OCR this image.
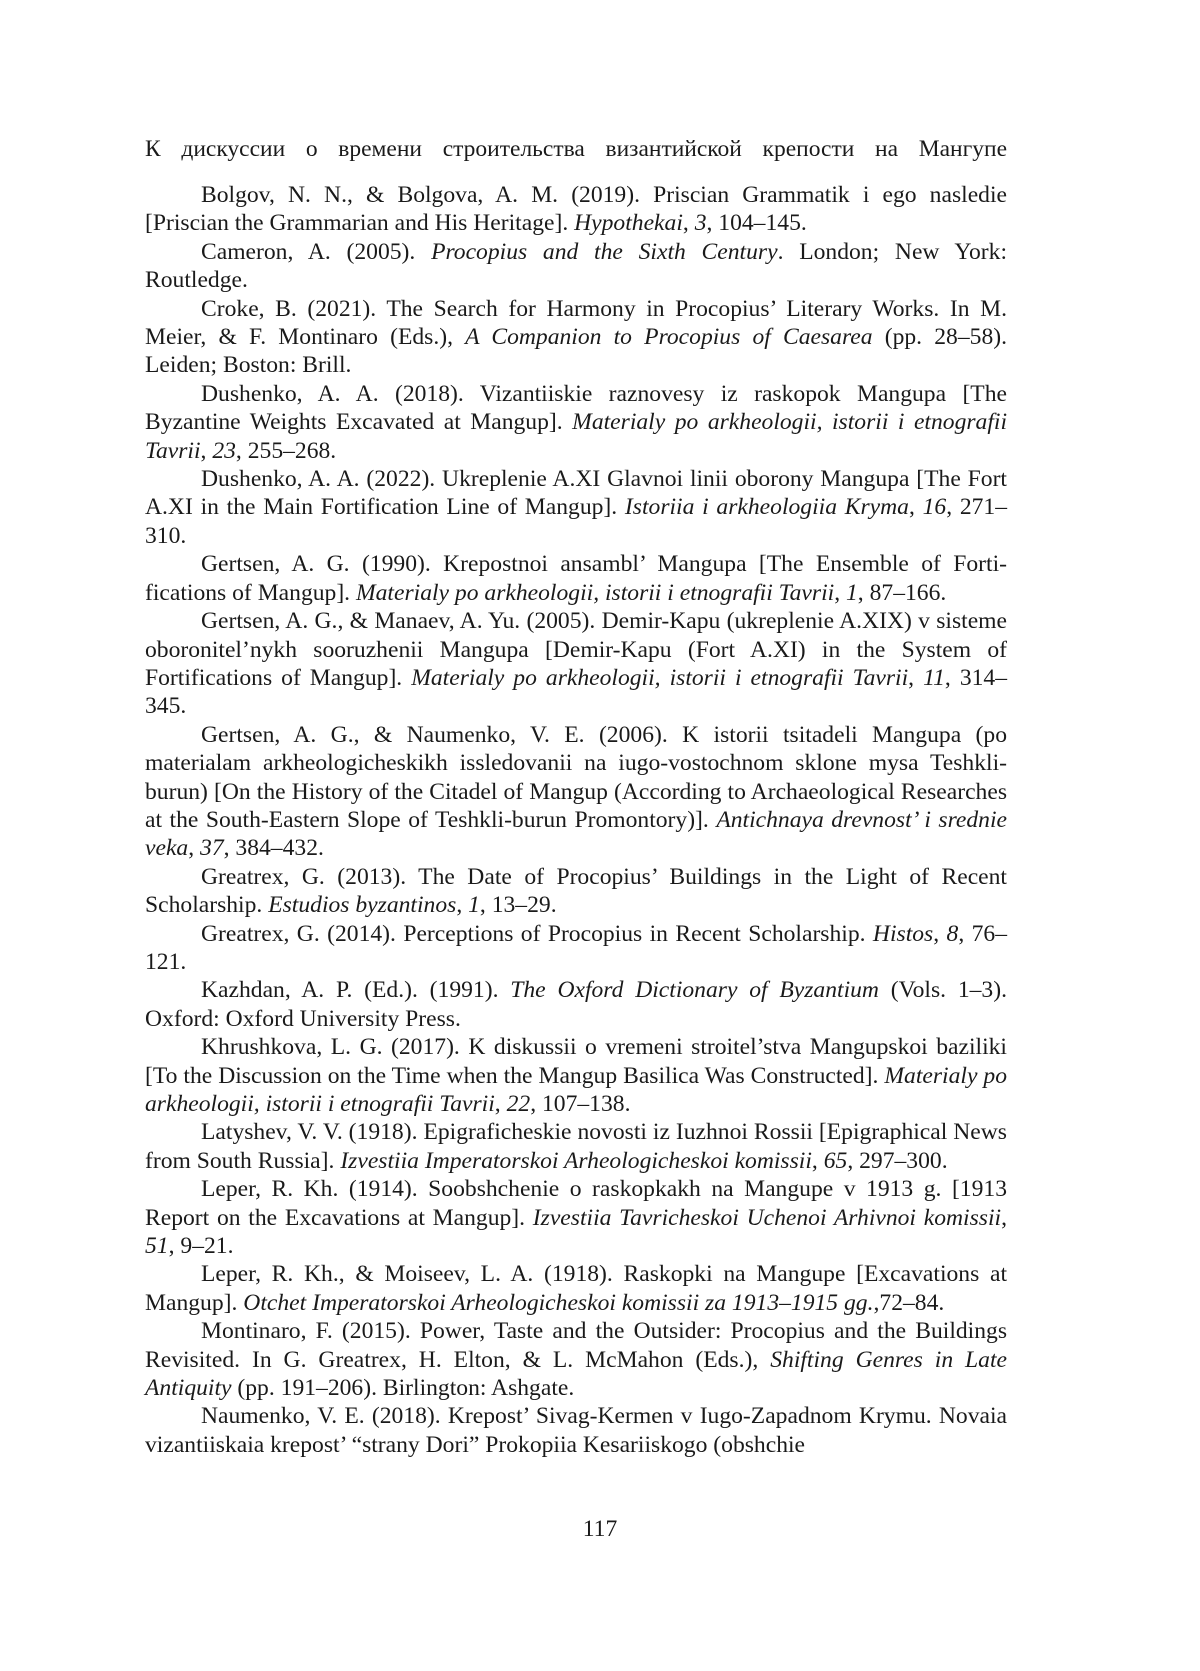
К дискуссии о времени строительства византийской крепости на Мангупе

Bolgov, N. N., & Bolgova, A. M. (2019). Priscian Grammatik i ego nasledie [Priscian the Grammarian and His Heritage]. Hypothekai, 3, 104–145.

Cameron, A. (2005). Procopius and the Sixth Century. London; New York: Routledge.

Croke, B. (2021). The Search for Harmony in Procopius’ Literary Works. In M. Meier, & F. Montinaro (Eds.), A Companion to Procopius of Caesarea (pp. 28–58). Leiden; Boston: Brill.

Dushenko, A. A. (2018). Vizantiiskie raznovesy iz raskopok Mangupa [The Byzantine Weights Excavated at Mangup]. Materialy po arkheologii, istorii i etnografii Tavrii, 23, 255–268.

Dushenko, A. A. (2022). Ukreplenie A.XI Glavnoi linii oborony Mangupa [The Fort A.XI in the Main Fortification Line of Mangup]. Istoriia i arkheologiia Kryma, 16, 271–310.

Gertsen, A. G. (1990). Krepostnoi ansambl’ Mangupa [The Ensemble of Fortifications of Mangup]. Materialy po arkheologii, istorii i etnografii Tavrii, 1, 87–166.

Gertsen, A. G., & Manaev, A. Yu. (2005). Demir-Kapu (ukreplenie A.XIX) v sisteme oboronitel’nykh sooruzhenii Mangupa [Demir-Kapu (Fort A.XI) in the System of Fortifications of Mangup]. Materialy po arkheologii, istorii i etnografii Tavrii, 11, 314–345.

Gertsen, A. G., & Naumenko, V. E. (2006). K istorii tsitadeli Mangupa (po materialam arkheologicheskikh issledovanii na iugo-vostochnom sklone mysa Teshkli-burun) [On the History of the Citadel of Mangup (According to Archaeological Researches at the South-Eastern Slope of Teshkli-burun Promontory)]. Antichnaya drevnost’ i srednie veka, 37, 384–432.

Greatrex, G. (2013). The Date of Procopius’ Buildings in the Light of Recent Scholarship. Estudios byzantinos, 1, 13–29.

Greatrex, G. (2014). Perceptions of Procopius in Recent Scholarship. Histos, 8, 76–121.

Kazhdan, A. P. (Ed.). (1991). The Oxford Dictionary of Byzantium (Vols. 1–3). Oxford: Oxford University Press.

Khrushkova, L. G. (2017). K diskussii o vremeni stroitel’stva Mangupskoi baziliki [To the Discussion on the Time when the Mangup Basilica Was Constructed]. Materialy po arkheologii, istorii i etnografii Tavrii, 22, 107–138.

Latyshev, V. V. (1918). Epigraficheskie novosti iz Iuzhnoi Rossii [Epigraphical News from South Russia]. Izvestiia Imperatorskoi Arheologicheskoi komissii, 65, 297–300.

Leper, R. Kh. (1914). Soobshchenie o raskopkakh na Mangupe v 1913 g. [1913 Report on the Excavations at Mangup]. Izvestiia Tavricheskoi Uchenoi Arhivnoi komissii, 51, 9–21.

Leper, R. Kh., & Moiseev, L. A. (1918). Raskopki na Mangupe [Excavations at Mangup]. Otchet Imperatorskoi Arheologicheskoi komissii za 1913–1915 gg.,72–84.

Montinaro, F. (2015). Power, Taste and the Outsider: Procopius and the Buildings Revisited. In G. Greatrex, H. Elton, & L. McMahon (Eds.), Shifting Genres in Late Antiquity (pp. 191–206). Birlington: Ashgate.

Naumenko, V. E. (2018). Krepost’ Sivag-Kermen v Iugo-Zapadnom Krymu. Novaia vizantiiskaia krepost’ “strany Dori” Prokopiia Kesariiskogo (obshchie

117
